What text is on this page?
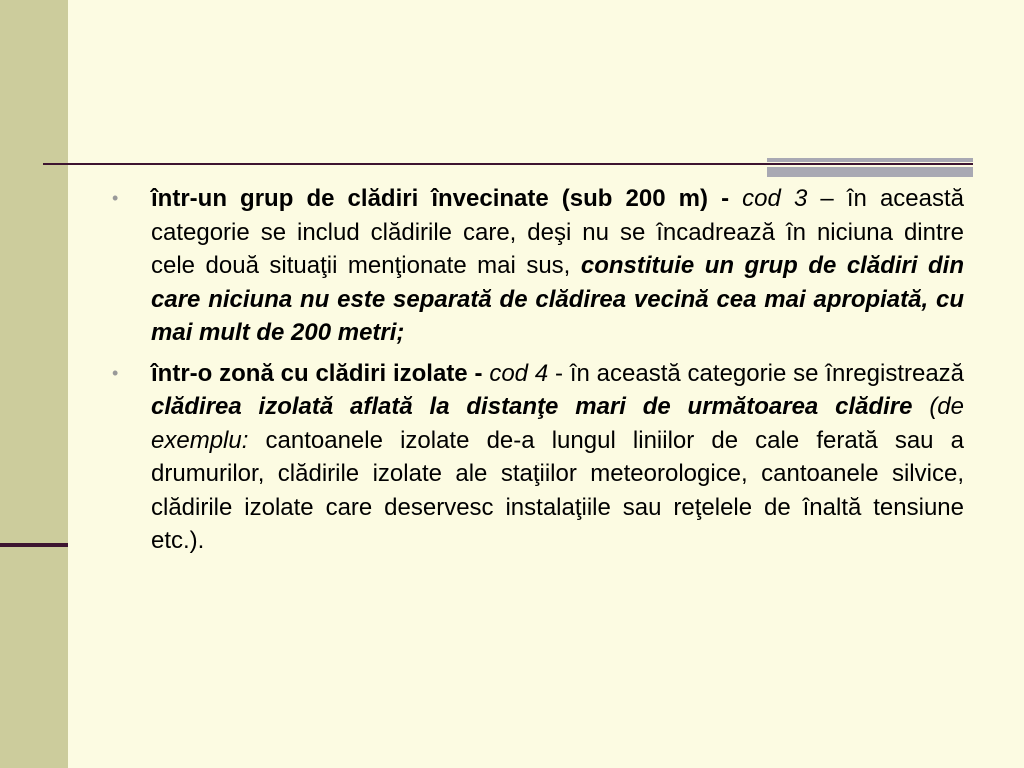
• într-un grup de clădiri învecinate (sub 200 m) - cod 3 – în această categorie se includ clădirile care, deşi nu se încadrează în niciuna dintre cele două situaţii menţionate mai sus, constituie un grup de clădiri din care niciuna nu este separată de clădirea vecină cea mai apropiată, cu mai mult de 200 metri;
• într-o zonă cu clădiri izolate - cod 4 - în această categorie se înregistrează clădirea izolată aflată la distanţe mari de următoarea clădire (de exemplu: cantoanele izolate de-a lungul liniilor de cale ferată sau a drumurilor, clădirile izolate ale staţiilor meteorologice, cantoanele silvice, clădirile izolate care deservesc instalaţiile sau reţelele de înaltă tensiune etc.).
